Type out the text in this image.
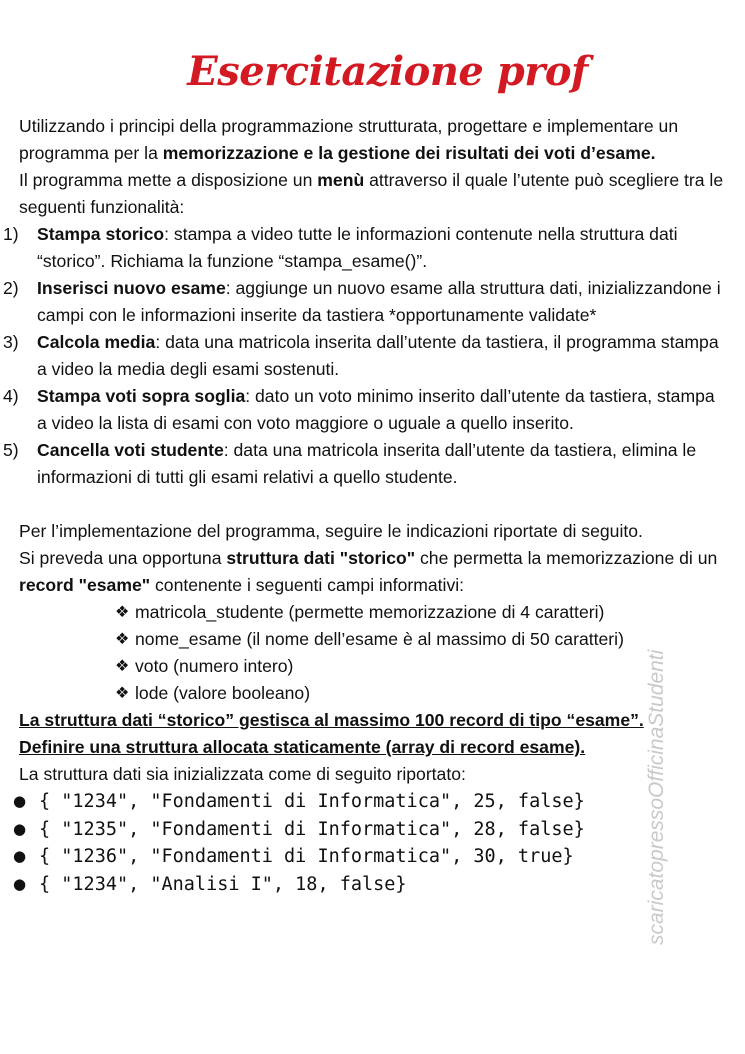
Esercitazione prof

Utilizzando i principi della programmazione strutturata, progettare e implementare un programma per la memorizzazione e la gestione dei risultati dei voti d’esame.

Il programma mette a disposizione un menù attraverso il quale l’utente può scegliere tra le seguenti funzionalità:

1)	Stampa storico: stampa a video tutte le informazioni contenute nella struttura dati “storico”. Richiama la funzione “stampa_esame()”.
2)	Inserisci nuovo esame: aggiunge un nuovo esame alla struttura dati, inizializzandone i campi con le informazioni inserite da tastiera *opportunamente validate*
3)	Calcola media: data una matricola inserita dall’utente da tastiera, il programma stampa a video la media degli esami sostenuti.
4)	Stampa voti sopra soglia: dato un voto minimo inserito dall’utente da tastiera, stampa a video la lista di esami con voto maggiore o uguale a quello inserito.
5)	Cancella voti studente: data una matricola inserita dall’utente da tastiera, elimina le informazioni di tutti gli esami relativi a quello studente.

Per l’implementazione del programma, seguire le indicazioni riportate di seguito.

Si preveda una opportuna struttura dati "storico" che permetta la memorizzazione di un record "esame" contenente i seguenti campi informativi:

❖ matricola_studente (permette memorizzazione di 4 caratteri)
❖ nome_esame (il nome dell’esame è al massimo di 50 caratteri)
❖ voto (numero intero)
❖ lode (valore booleano)

La struttura dati “storico” gestisca al massimo 100 record di tipo “esame”.

Definire una struttura allocata staticamente (array di record esame).

La struttura dati sia inizializzata come di seguito riportato:

● { "1234", "Fondamenti di Informatica", 25, false}
● { "1235", "Fondamenti di Informatica", 28, false}
● { "1236", "Fondamenti di Informatica", 30, true}
● { "1234", "Analisi I", 18, false}	scaricatopressoOfficinaStudenti
